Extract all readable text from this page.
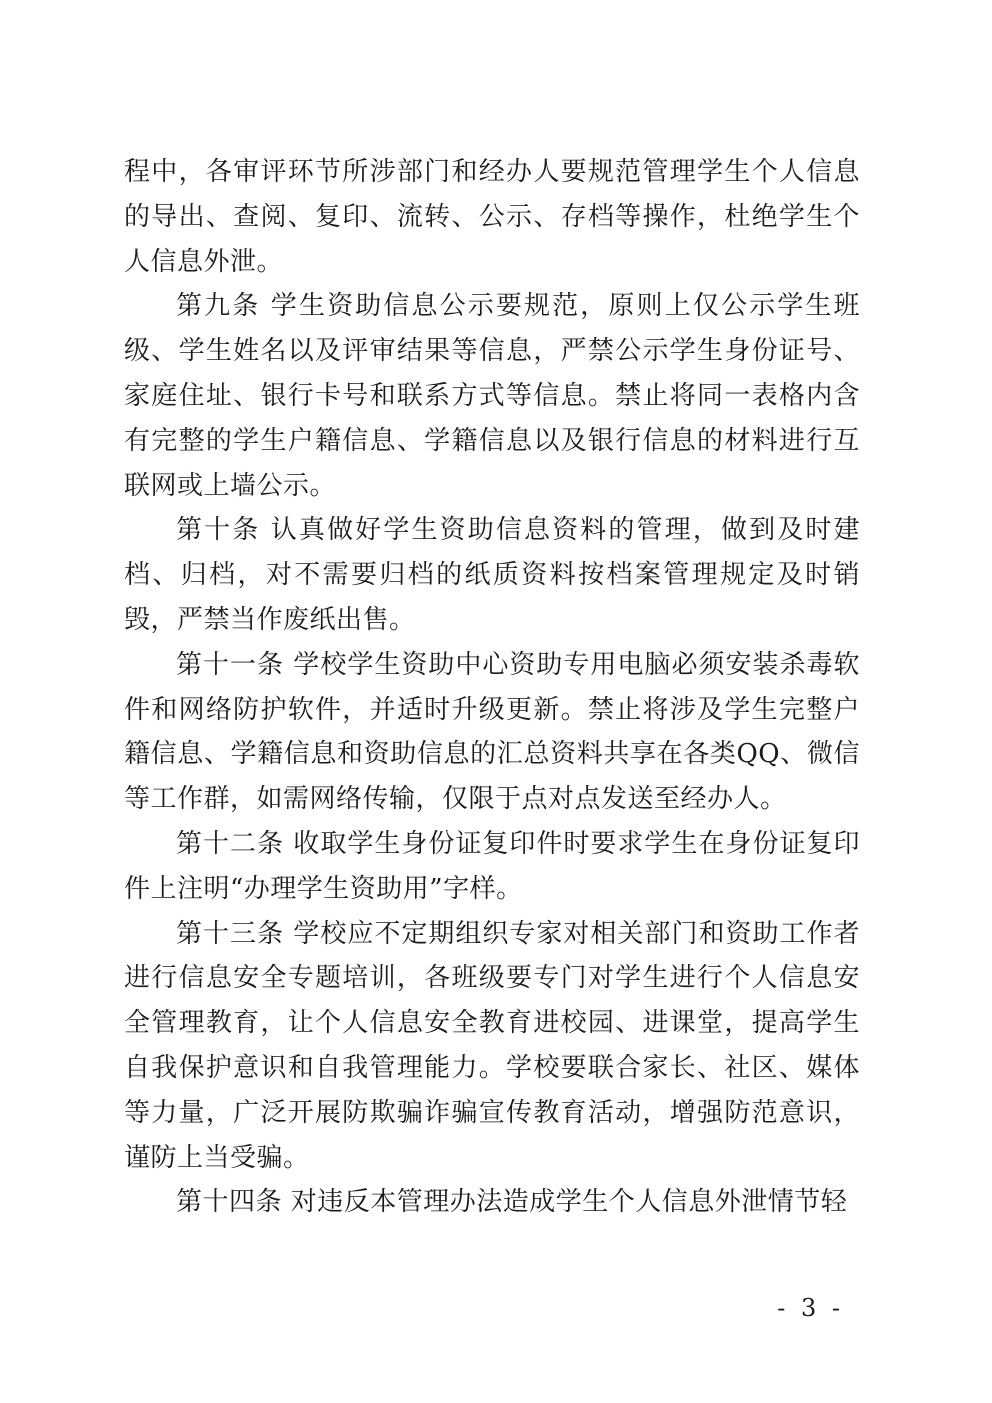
程中，各审评环节所涉部门和经办人要规范管理学生个人信息的导出、查阅、复印、流转、公示、存档等操作，杜绝学生个人信息外泄。

第九条 学生资助信息公示要规范，原则上仅公示学生班级、学生姓名以及评审结果等信息，严禁公示学生身份证号、家庭住址、银行卡号和联系方式等信息。禁止将同一表格内含有完整的学生户籍信息、学籍信息以及银行信息的材料进行互联网或上墙公示。

第十条 认真做好学生资助信息资料的管理，做到及时建档、归档，对不需要归档的纸质资料按档案管理规定及时销毁，严禁当作废纸出售。

第十一条 学校学生资助中心资助专用电脑必须安装杀毒软件和网络防护软件，并适时升级更新。禁止将涉及学生完整户籍信息、学籍信息和资助信息的汇总资料共享在各类QQ、微信等工作群，如需网络传输，仅限于点对点发送至经办人。

第十二条 收取学生身份证复印件时要求学生在身份证复印件上注明“办理学生资助用”字样。

第十三条 学校应不定期组织专家对相关部门和资助工作者进行信息安全专题培训，各班级要专门对学生进行个人信息安全管理教育，让个人信息安全教育进校园、进课堂，提高学生自我保护意识和自我管理能力。学校要联合家长、社区、媒体等力量，广泛开展防欺骗诈骗宣传教育活动，增强防范意识，谨防上当受骗。

第十四条 对违反本管理办法造成学生个人信息外泄情节轻

- 3 -
